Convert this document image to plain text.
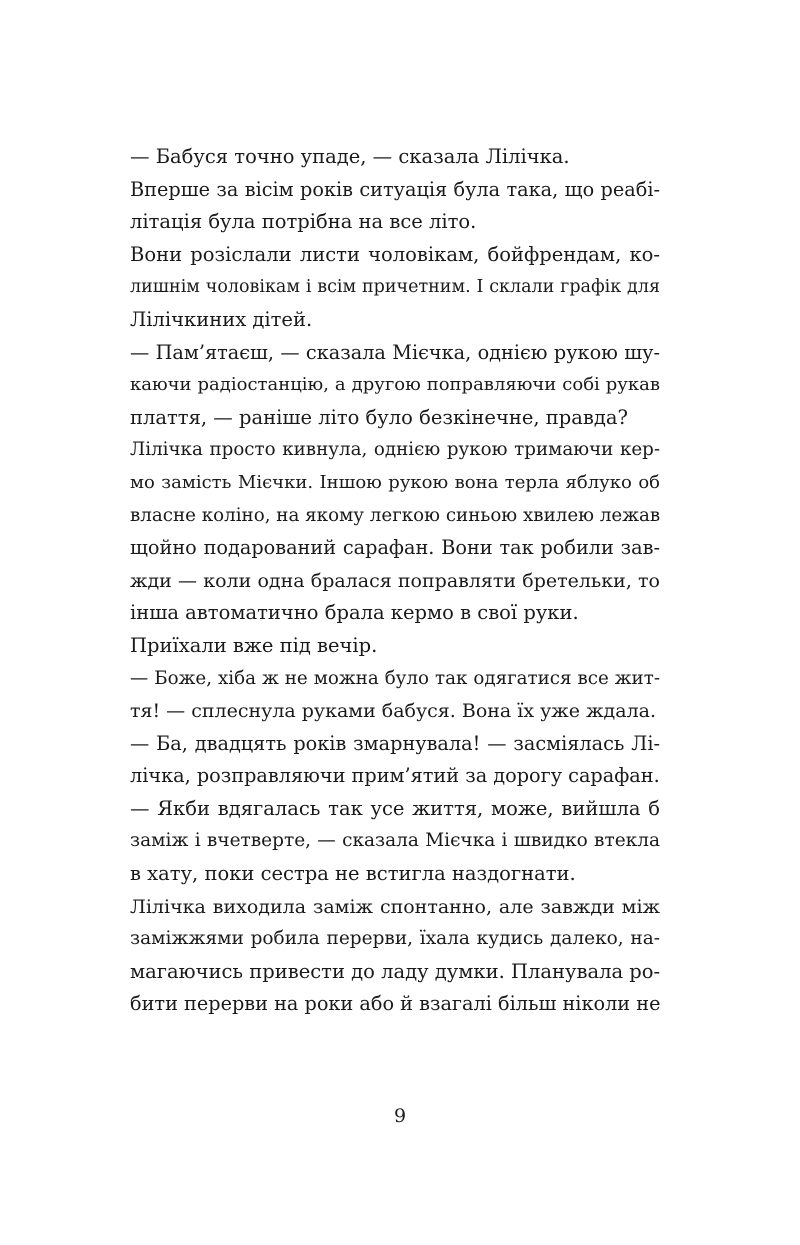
— Бабуся точно упаде, — сказала Лілічка.
Вперше за вісім років ситуація була така, що реабі-
літація була потрібна на все літо.
Вони розіслали листи чоловікам, бойфрендам, ко-
лишнім чоловікам і всім причетним. І склали графік для
Лілічкиних дітей.
— Пам’ятаєш, — сказала Мієчка, однією рукою шу-
каючи радіостанцію, а другою поправляючи собі рукав
плаття, — раніше літо було безкінечне, правда?
Лілічка просто кивнула, однією рукою тримаючи кер-
мо замість Мієчки. Іншою рукою вона терла яблуко об
власне коліно, на якому легкою синьою хвилею лежав
щойно подарований сарафан. Вони так робили зав-
жди — коли одна бралася поправляти бретельки, то
інша автоматично брала кермо в свої руки.
Приїхали вже під вечір.
— Боже, хіба ж не можна було так одягатися все жит-
тя! — сплеснула руками бабуся. Вона їх уже ждала.
— Ба, двадцять років змарнувала! — засміялась Лі-
лічка, розправляючи прим’ятий за дорогу сарафан.
— Якби вдягалась так усе життя, може, вийшла б
заміж і вчетверте, — сказала Мієчка і швидко втекла
в хату, поки сестра не встигла наздогнати.
Лілічка виходила заміж спонтанно, але завжди між
заміжжями робила перерви, їхала кудись далеко, на-
магаючись привести до ладу думки. Планувала ро-
бити перерви на роки або й взагалі більш ніколи не
9
